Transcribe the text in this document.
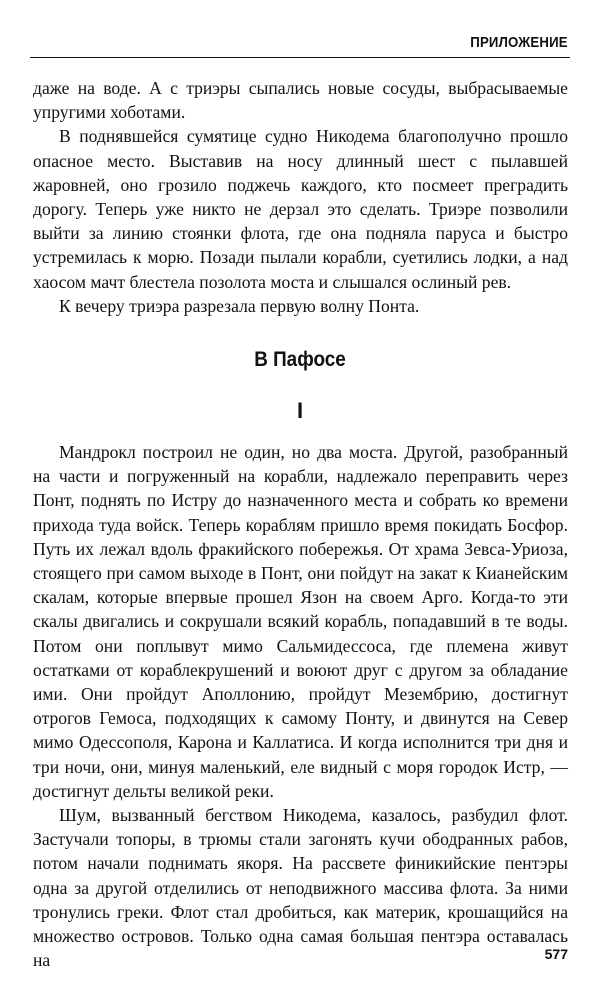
ПРИЛОЖЕНИЕ

даже на воде. А с триэры сыпались новые сосуды, выбрасываемые упругими хоботами.

В поднявшейся сумятице судно Никодема благополучно прошло опасное место. Выставив на носу длинный шест с пылавшей жаровней, оно грозило поджечь каждого, кто посмеет преградить дорогу. Теперь уже никто не дерзал это сделать. Триэре позволили выйти за линию стоянки флота, где она подняла паруса и быстро устремилась к морю. Позади пылали корабли, суетились лодки, а над хаосом мачт блестела позолота моста и слышался ослиный рев.

К вечеру триэра разрезала первую волну Понта.

В Пафосе
I

Мандрокл построил не один, но два моста. Другой, разобранный на части и погруженный на корабли, надлежало переправить через Понт, поднять по Истру до назначенного места и собрать ко времени прихода туда войск. Теперь кораблям пришло время покидать Босфор. Путь их лежал вдоль фракийского побережья. От храма Зевса-Уриоза, стоящего при самом выходе в Понт, они пойдут на закат к Кианейским скалам, которые впервые прошел Язон на своем Арго. Когда-то эти скалы двигались и сокрушали всякий корабль, попадавший в те воды. Потом они поплывут мимо Сальмидессоса, где племена живут остатками от кораблекрушений и воюют друг с другом за обладание ими. Они пройдут Аполлонию, пройдут Мезембрию, достигнут отрогов Гемоса, подходящих к самому Понту, и двинутся на Север мимо Одессополя, Карона и Каллатиса. И когда исполнится три дня и три ночи, они, минуя маленький, еле видный с моря городок Истр, — достигнут дельты великой реки.

Шум, вызванный бегством Никодема, казалось, разбудил флот. Застучали топоры, в трюмы стали загонять кучи ободранных рабов, потом начали поднимать якоря. На рассвете финикийские пентэры одна за другой отделились от неподвижного массива флота. За ними тронулись греки. Флот стал дробиться, как материк, крошащийся на множество островов. Только одна самая большая пентэра оставалась на	577
